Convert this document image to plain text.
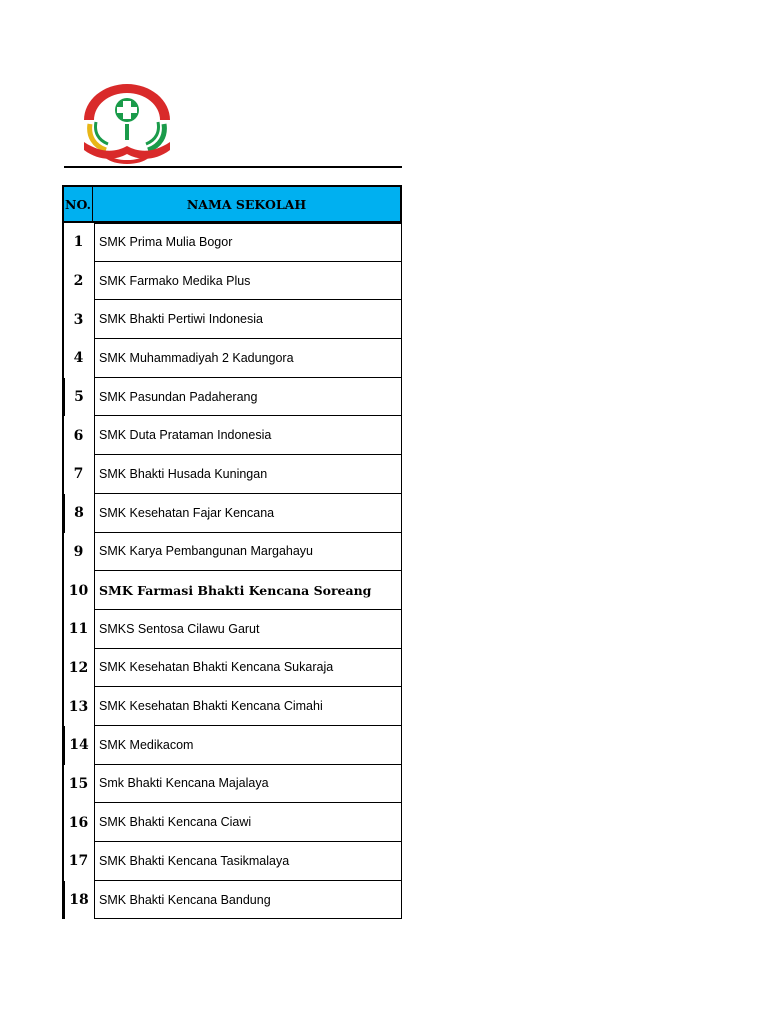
NO.	NAMA SEKOLAH
1	SMK Prima Mulia Bogor
2	SMK Farmako Medika Plus
3	SMK Bhakti Pertiwi Indonesia
4	SMK Muhammadiyah 2 Kadungora
5	SMK Pasundan Padaherang
6	SMK Duta Prataman Indonesia
7	SMK Bhakti Husada Kuningan
8	SMK Kesehatan Fajar Kencana
9	SMK Karya Pembangunan Margahayu
10 SMK Farmasi Bhakti Kencana Soreang
11 SMKS Sentosa Cilawu Garut
12 SMK Kesehatan Bhakti Kencana Sukaraja
13 SMK Kesehatan Bhakti Kencana Cimahi
14 SMK Medikacom
15 Smk Bhakti Kencana Majalaya
16 SMK Bhakti Kencana Ciawi
17 SMK Bhakti Kencana Tasikmalaya
18 SMK Bhakti Kencana Bandung
